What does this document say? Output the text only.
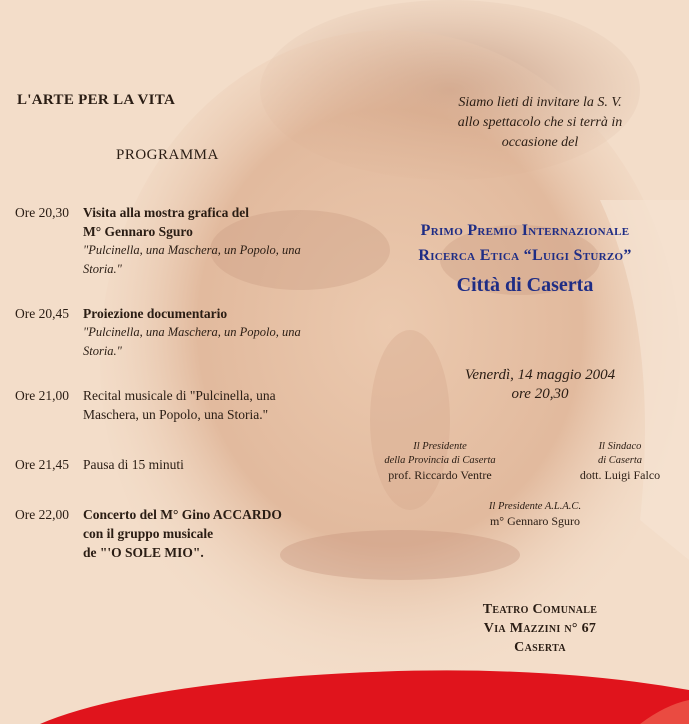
L'ARTE PER LA VITA
PROGRAMMA
Ore 20,30	Visita alla mostra grafica del
M° Gennaro Sguro
"Pulcinella, una Maschera, un Popolo, una
Storia."
Ore 20,45	Proiezione documentario
"Pulcinella, una Maschera, un Popolo, una
Storia."
Ore 21,00	Recital musicale di "Pulcinella, una
Maschera, un Popolo, una Storia."
Ore 21,45	Pausa di 15 minuti
Ore 22,00	Concerto del M° Gino ACCARDO
con il gruppo musicale
de "'O SOLE MIO".
Siamo lieti di invitare la S. V.
allo spettacolo che si terrà in
occasione del
Primo Premio Internazionale
Ricerca Etica “Luigi Sturzo”
Città di Caserta
Venerdì, 14 maggio 2004
ore 20,30
Il Presidente
della Provincia di Caserta
prof. Riccardo Ventre
Il Sindaco
di Caserta
dott. Luigi Falco
Il Presidente A.L.A.C.
m° Gennaro Sguro
Teatro Comunale
Via Mazzini n° 67
Caserta
